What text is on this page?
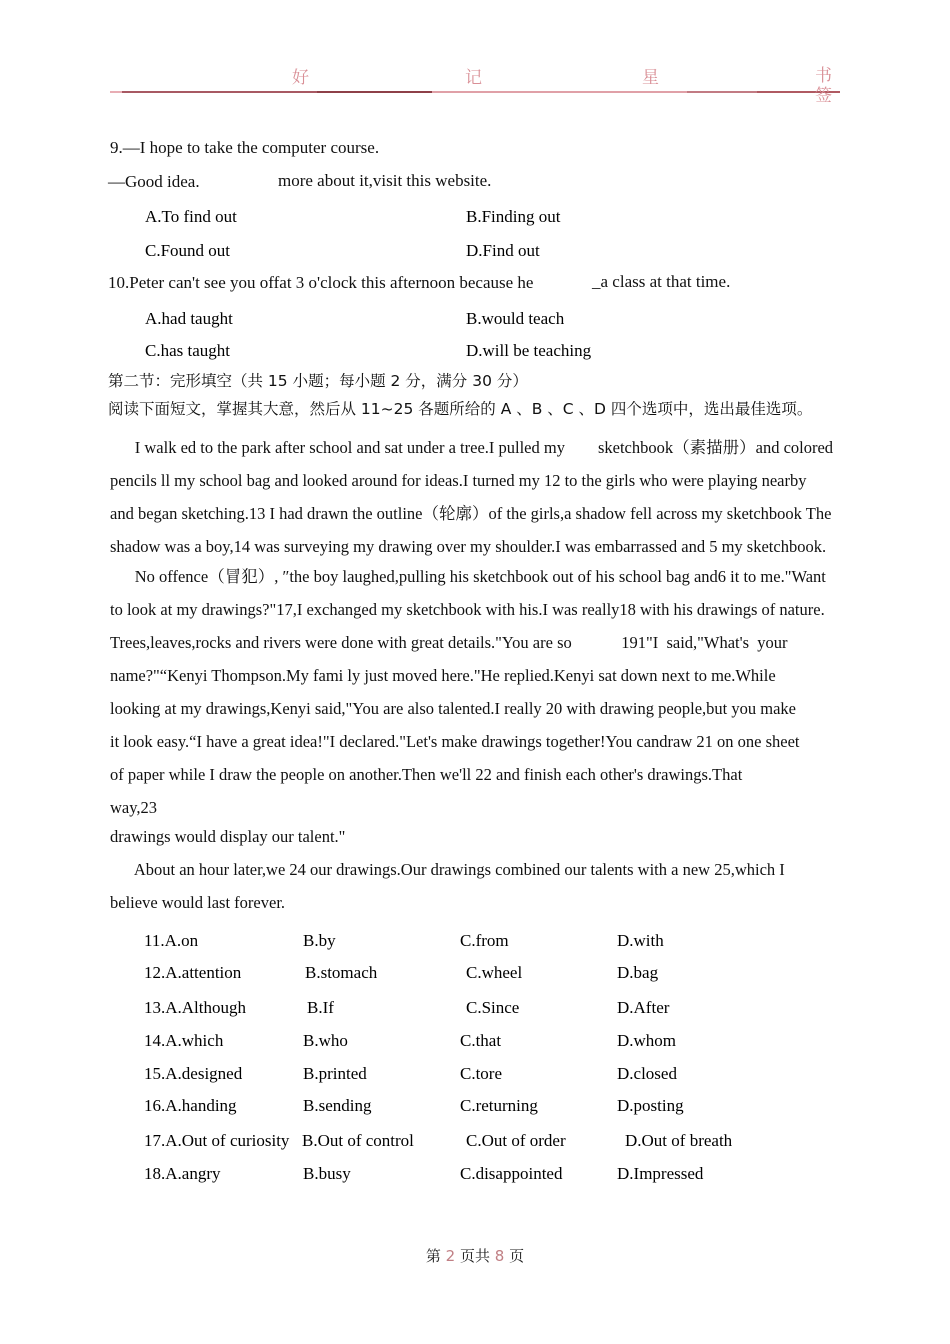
好	记	星	书
签
9.—I hope to take the computer course.
—Good idea.	more about it,visit this website.
A.To find out	B.Finding out
C.Found out	D.Find out
10.Peter can't see you offat 3 o'clock this afternoon because he	_a class at that time.
A.had taught	B.would teach
C.has taught	D.will be teaching
第二节：完形填空（共 15 小题；每小题 2 分，满分 30 分）
阅读下面短文，掌握其大意，然后从 11~25 各题所给的 A 、B 、C 、D 四个选项中，选出最佳选项。
I walk ed to the park after school and sat under a tree.I pulled my        sketchbook（素描册）and colored
pencils ll my school bag and looked around for ideas.I turned my 12 to the girls who were playing nearby
and began sketching.13 I had drawn the outline（轮廓）of the girls,a shadow fell across my sketchbook The
shadow was a boy,14 was surveying my drawing over my shoulder.I was embarrassed and 5 my sketchbook.
No offence（冒犯）, ″the boy laughed,pulling his sketchbook out of his school bag and6 it to me."Want
to look at my drawings?"17,I exchanged my sketchbook with his.I was really18 with his drawings of nature.
Trees,leaves,rocks and rivers were done with great details."You are so            191"I  said,"What's  your
name?"“Kenyi Thompson.My fami ly just moved here."He replied.Kenyi sat down next to me.While
looking at my drawings,Kenyi said,"You are also talented.I really 20 with drawing people,but you make
it look easy.“I have a great idea!"I declared."Let's make drawings together!You candraw 21 on one sheet
of paper while I draw the people on another.Then we'll 22 and finish each other's drawings.That
way,23
drawings would display our talent."
About an hour later,we 24 our drawings.Our drawings combined our talents with a new 25,which I
believe would last forever.
11.A.on	B.by	C.from	D.with
12.A.attention	B.stomach	C.wheel	D.bag
13.A.Although	B.If	C.Since	D.After
14.A.which	B.who	C.that	D.whom
15.A.designed	B.printed	C.tore	D.closed
16.A.handing	B.sending	C.returning	D.posting
17.A.Out of curiosity B.Out of control	C.Out of order	D.Out of breath
18.A.angry	B.busy	C.disappointed	D.Impressed
第 2 页共 8 页
